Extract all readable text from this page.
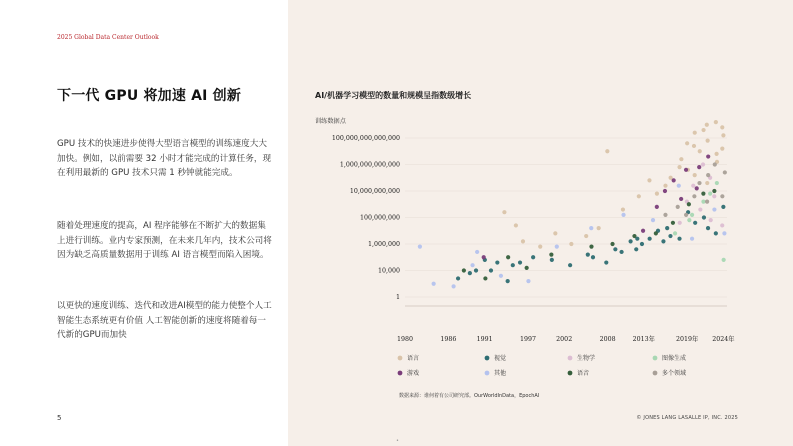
2025 Global Data Center Outlook
下一代 GPU 将加速 AI 创新
GPU 技术的快速进步使得大型语言模型的训练速度大大加快。例如，以前需要 32 小时才能完成的计算任务，现在利用最新的 GPU 技术只需 1 秒钟就能完成。
随着处理速度的提高，AI 程序能够在不断扩大的数据集上进行训练。业内专家预测，在未来几年内，技术公司将因为缺乏高质量数据用于训练 AI 语言模型而陷入困境。
以更快的速度训练、迭代和改进AI模型的能力使整个人工智能生态系统更有价值 人工智能创新的速度将随着每一代新的GPU而加快
5	© JONES LANG LASALLE IP, INC. 2025
•
AI/机器学习模型的数量和规模呈指数级增长
训练数据点
数据来源：谁何着有公司研究部。OurWorldInData，EpochAI
1
10,000
1,000,000
100,000,000
10,000,000,000
1,000,000,000,000
100,000,000,000,000
1980	1986	1991	1997	2002	2008	2013年	2019年 2024年
语言	视觉	生物学	图像生成
游戏	其他	语音	多个领域
